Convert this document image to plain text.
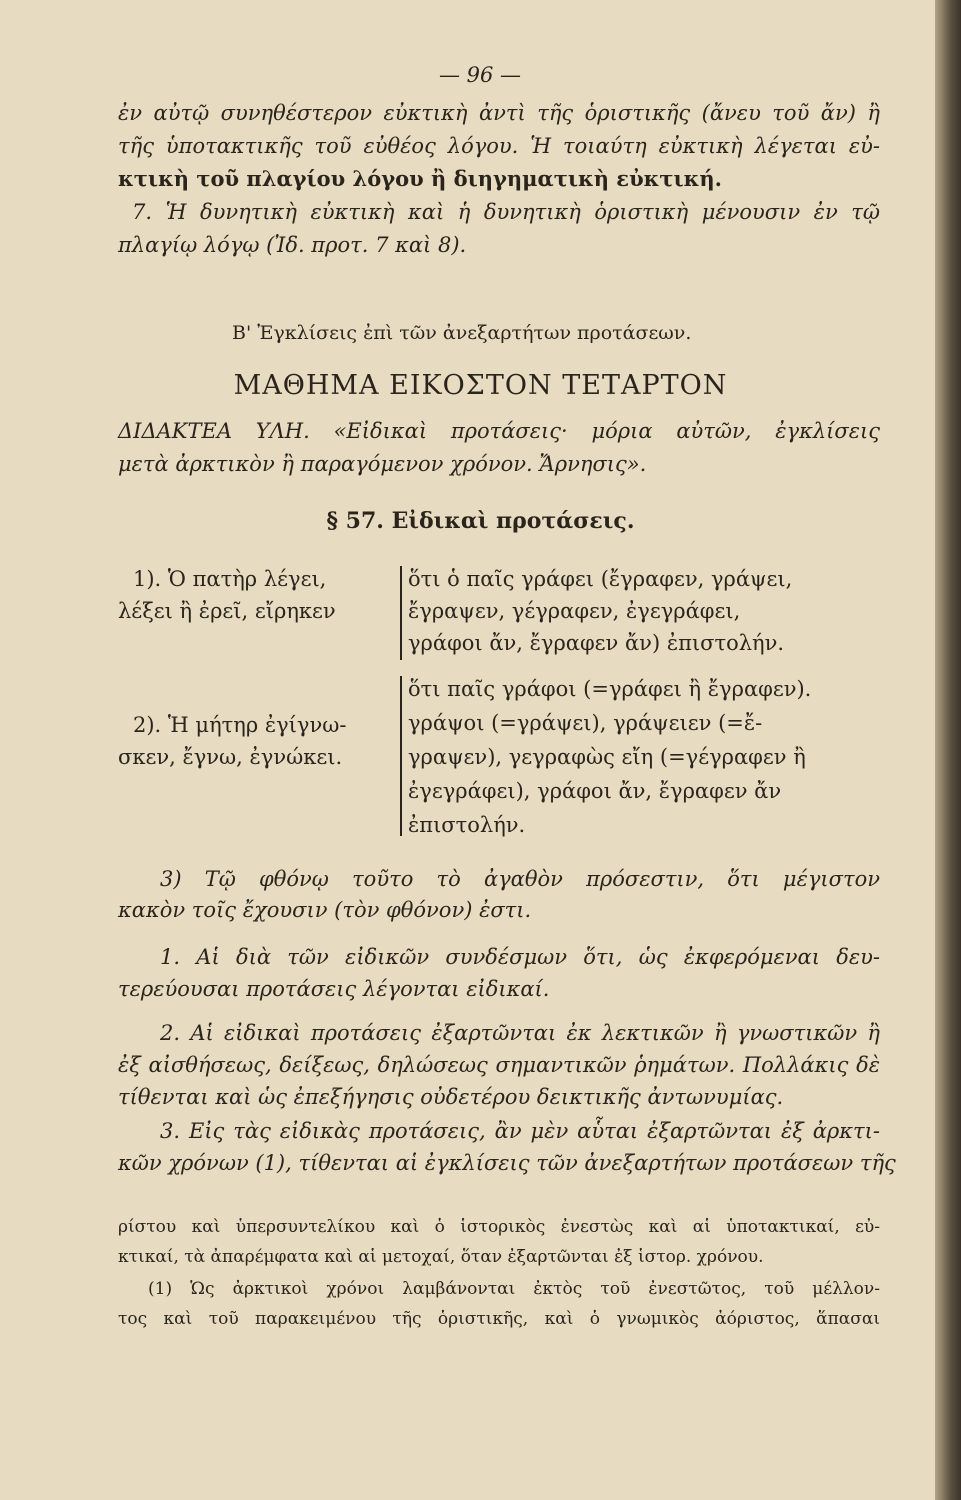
— 96 —
ἐν αὐτῷ συνηθέστερον εὐκτικὴ ἀντὶ τῆς ὁριστικῆς (ἄνευ τοῦ ἄν) ἢ
τῆς ὑποτακτικῆς τοῦ εὐθέος λόγου. Ἡ τοιαύτη εὐκτικὴ λέγεται εὐ-
κτικὴ τοῦ πλαγίου λόγου ἢ διηγηματικὴ εὐκτική.
7. Ἡ δυνητικὴ εὐκτικὴ καὶ ἡ δυνητικὴ ὁριστικὴ μένουσιν ἐν τῷ
πλαγίῳ λόγῳ (Ἰδ. προτ. 7 καὶ 8).
Β' Ἐγκλίσεις ἐπὶ τῶν ἀνεξαρτήτων προτάσεων.
ΜΑΘΗΜΑ ΕΙΚΟΣΤΟΝ ΤΕΤΑΡΤΟΝ
ΔΙΔΑΚΤΕΑ ΥΛΗ. «Εἰδικαὶ προτάσεις· μόρια αὐτῶν, ἐγκλίσεις
μετὰ ἀρκτικὸν ἢ παραγόμενον χρόνον. Ἄρνησις».
§ 57. Εἰδικαὶ προτάσεις.
1). Ὁ πατὴρ λέγει,
λέξει ἢ ἐρεῖ, εἴρηκεν
ὅτι ὁ παῖς γράφει (ἔγραφεν, γράψει,
ἔγραψεν, γέγραφεν, ἐγεγράφει,
γράφοι ἄν, ἔγραφεν ἄν) ἐπιστολήν.
2). Ἡ μήτηρ ἐγίγνω-
σκεν, ἔγνω, ἐγνώκει.
ὅτι παῖς γράφοι (=γράφει ἢ ἔγραφεν).
γράψοι (=γράψει), γράψειεν (=ἔ-
γραψεν), γεγραφὼς εἴη (=γέγραφεν ἢ
ἐγεγράφει), γράφοι ἄν, ἔγραφεν ἄν
ἐπιστολήν.
3) Τῷ φθόνῳ τοῦτο τὸ ἀγαθὸν πρόσεστιν, ὅτι μέγιστον
κακὸν τοῖς ἔχουσιν (τὸν φθόνον) ἐστι.
1. Αἱ διὰ τῶν εἰδικῶν συνδέσμων ὅτι, ὡς ἐκφερόμεναι δευ-
τερεύουσαι προτάσεις λέγονται εἰδικαί.
2. Αἱ εἰδικαὶ προτάσεις ἐξαρτῶνται ἐκ λεκτικῶν ἢ γνωστικῶν ἢ
ἐξ αἰσθήσεως, δείξεως, δηλώσεως σημαντικῶν ῥημάτων. Πολλάκις δὲ
τίθενται καὶ ὡς ἐπεξήγησις οὐδετέρου δεικτικῆς ἀντωνυμίας.
3. Εἰς τὰς εἰδικὰς προτάσεις, ἂν μὲν αὗται ἐξαρτῶνται ἐξ ἀρκτι-
κῶν χρόνων (1), τίθενται αἱ ἐγκλίσεις τῶν ἀνεξαρτήτων προτάσεων τῆς
ρίστου καὶ ὑπερσυντελίκου καὶ ὁ ἱστορικὸς ἐνεστὼς καὶ αἱ ὑποτακτικαί, εὐ-
κτικαί, τὰ ἀπαρέμφατα καὶ αἱ μετοχαί, ὅταν ἐξαρτῶνται ἐξ ἱστορ. χρόνου.
(1) Ὡς ἀρκτικοὶ χρόνοι λαμβάνονται ἐκτὸς τοῦ ἐνεστῶτος, τοῦ μέλλον-
τος καὶ τοῦ παρακειμένου τῆς ὁριστικῆς, καὶ ὁ γνωμικὸς ἀόριστος, ἅπασαι
